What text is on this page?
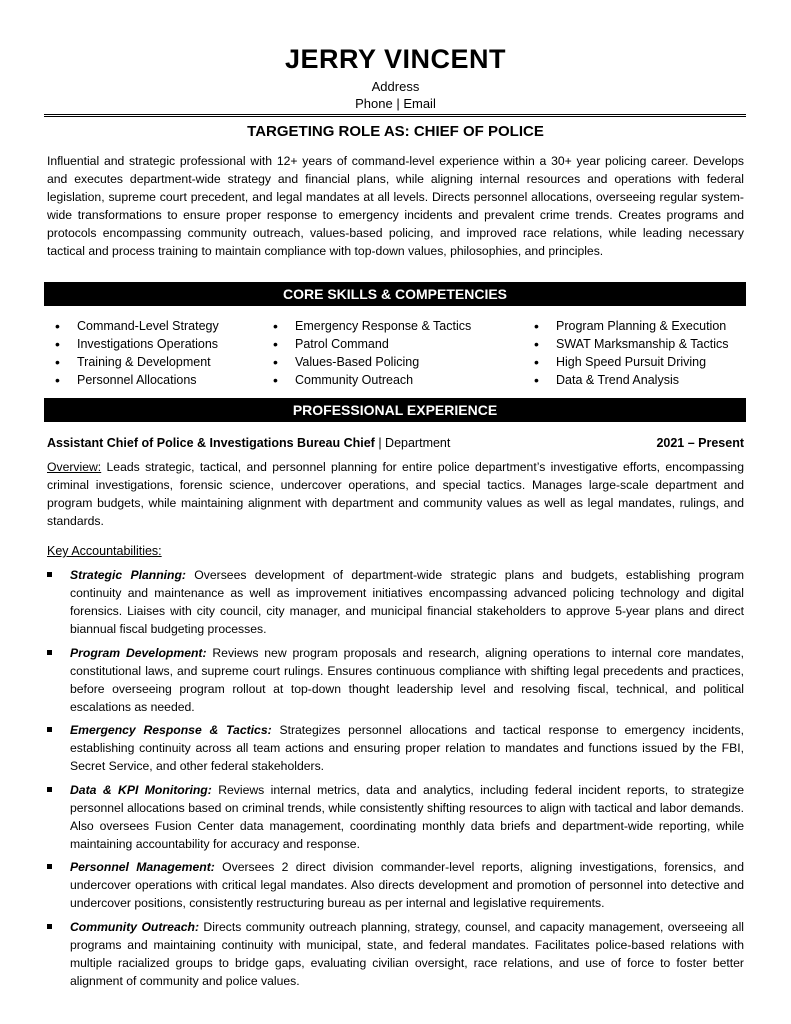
JERRY VINCENT
Address
Phone | Email
TARGETING ROLE AS: CHIEF OF POLICE

Influential and strategic professional with 12+ years of command-level experience within a 30+ year policing career. Develops and executes department-wide strategy and financial plans, while aligning internal resources and operations with federal legislation, supreme court precedent, and legal mandates at all levels. Directs personnel allocations, overseeing regular system-wide transformations to ensure proper response to emergency incidents and prevalent crime trends. Creates programs and protocols encompassing community outreach, values-based policing, and improved race relations, while leading necessary tactical and process training to maintain compliance with top-down values, philosophies, and principles.

CORE SKILLS & COMPETENCIES
• Command-Level Strategy
• Investigations Operations
• Training & Development
• Personnel Allocations
• Emergency Response & Tactics
• Patrol Command
• Values-Based Policing
• Community Outreach
• Program Planning & Execution
• SWAT Marksmanship & Tactics
• High Speed Pursuit Driving
• Data & Trend Analysis
PROFESSIONAL EXPERIENCE
Assistant Chief of Police & Investigations Bureau Chief | Department	2021 – Present

Overview: Leads strategic, tactical, and personnel planning for entire police department’s investigative efforts, encompassing criminal investigations, forensic science, undercover operations, and special tactics. Manages large-scale department and program budgets, while maintaining alignment with department and community values as well as legal mandates, rulings, and standards.

Key Accountabilities:
Strategic Planning: Oversees development of department-wide strategic plans and budgets, establishing program continuity and maintenance as well as improvement initiatives encompassing advanced policing technology and digital forensics. Liaises with city council, city manager, and municipal financial stakeholders to approve 5-year plans and direct biannual fiscal budgeting processes.
Program Development: Reviews new program proposals and research, aligning operations to internal core mandates, constitutional laws, and supreme court rulings. Ensures continuous compliance with shifting legal precedents and practices, before overseeing program rollout at top-down thought leadership level and resolving fiscal, technical, and political escalations as needed.
Emergency Response & Tactics: Strategizes personnel allocations and tactical response to emergency incidents, establishing continuity across all team actions and ensuring proper relation to mandates and functions issued by the FBI, Secret Service, and other federal stakeholders.
Data & KPI Monitoring: Reviews internal metrics, data and analytics, including federal incident reports, to strategize personnel allocations based on criminal trends, while consistently shifting resources to align with tactical and labor demands. Also oversees Fusion Center data management, coordinating monthly data briefs and department-wide reporting, while maintaining accountability for accuracy and response.
Personnel Management: Oversees 2 direct division commander-level reports, aligning investigations, forensics, and undercover operations with critical legal mandates. Also directs development and promotion of personnel into detective and undercover positions, consistently restructuring bureau as per internal and legislative requirements.
Community Outreach: Directs community outreach planning, strategy, counsel, and capacity management, overseeing all programs and maintaining continuity with municipal, state, and federal mandates. Facilitates police-based relations with multiple racialized groups to bridge gaps, evaluating civilian oversight, race relations, and use of force to foster better alignment of community and police values.
